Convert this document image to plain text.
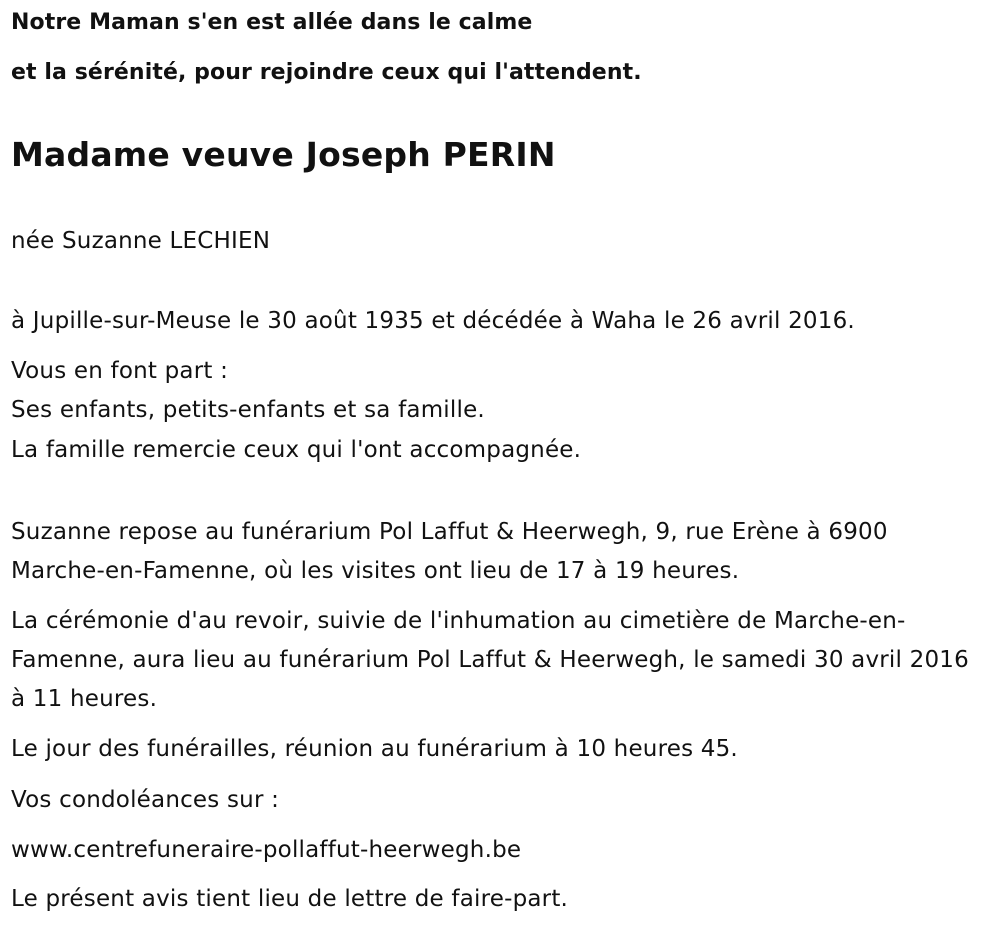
Notre Maman s'en est allée dans le calme

et la sérénité, pour rejoindre ceux qui l'attendent.

Madame veuve Joseph PERIN

née Suzanne LECHIEN

à Jupille-sur-Meuse le 30 août 1935 et décédée à Waha le 26 avril 2016.

Vous en font part :

Ses enfants, petits-enfants et sa famille.

La famille remercie ceux qui l'ont accompagnée.

Suzanne repose au funérarium Pol Laffut & Heerwegh, 9, rue Erène à 6900 Marche-en-Famenne, où les visites ont lieu de 17 à 19 heures.

La cérémonie d'au revoir, suivie de l'inhumation au cimetière de Marche-en-Famenne, aura lieu au funérarium Pol Laffut & Heerwegh, le samedi 30 avril 2016 à 11 heures.

Le jour des funérailles, réunion au funérarium à 10 heures 45.

Vos condoléances sur :

www.centrefuneraire-pollaffut-heerwegh.be

Le présent avis tient lieu de lettre de faire-part.
